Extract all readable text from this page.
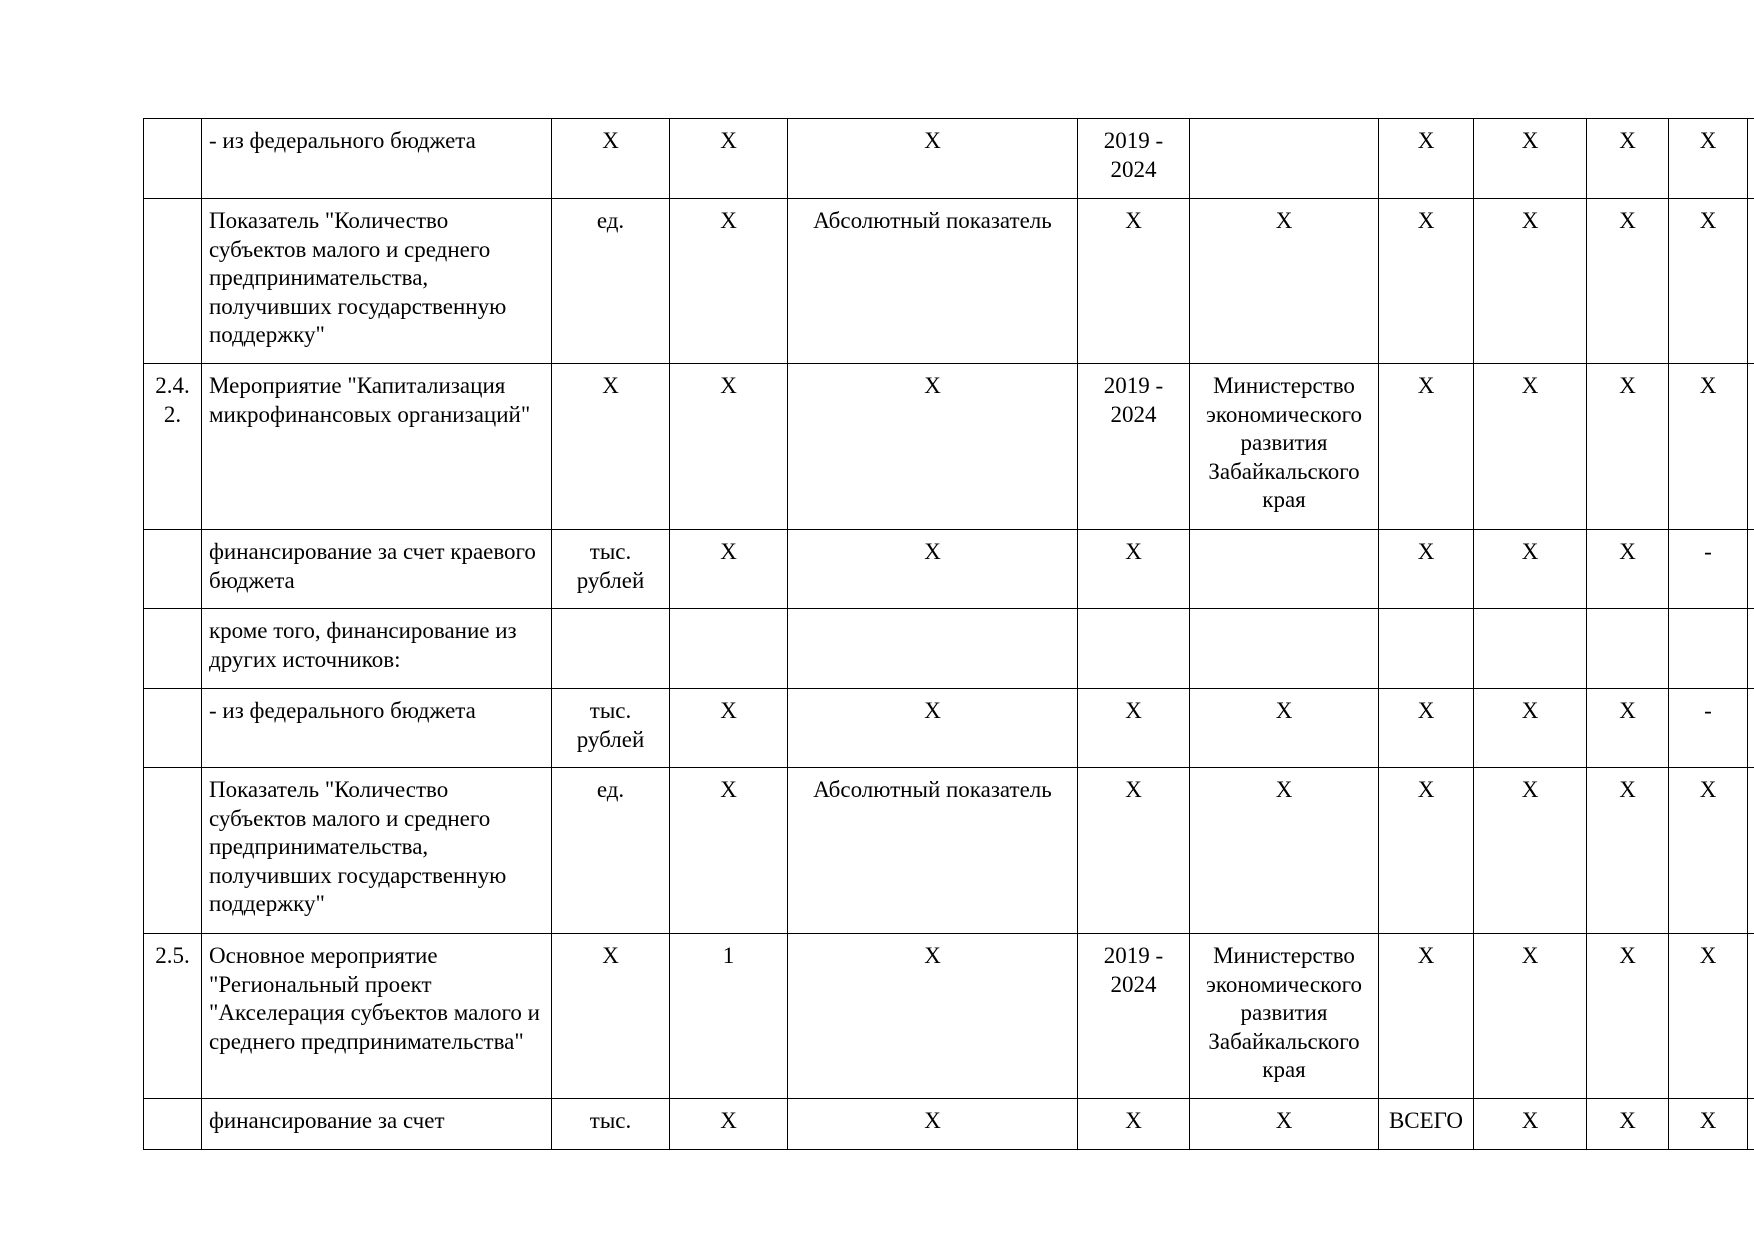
	- из федерального бюджета	X	X	X	2019 - 2024		X	X	X	X	
	Показатель "Количество субъектов малого и среднего предпринимательства, получивших государственную поддержку"	ед.	X	Абсолютный показатель	X	X	X	X	X	X	
2.4.2.	Мероприятие "Капитализация микрофинансовых организаций"	X	X	X	2019 - 2024	Министерство экономического развития Забайкальского края	X	X	X	X	
	финансирование за счет краевого бюджета	тыс. рублей	X	X	X		X	X	X	-	
	кроме того, финансирование из других источников:										
	- из федерального бюджета	тыс. рублей	X	X	X	X	X	X	X	-	
	Показатель "Количество субъектов малого и среднего предпринимательства, получивших государственную поддержку"	ед.	X	Абсолютный показатель	X	X	X	X	X	X	
2.5.	Основное мероприятие "Региональный проект "Акселерация субъектов малого и среднего предпринимательства"	X	1	X	2019 - 2024	Министерство экономического развития Забайкальского края	X	X	X	X	
	финансирование за счет	тыс.	X	X	X	X	ВСЕГО	X	X	X	
